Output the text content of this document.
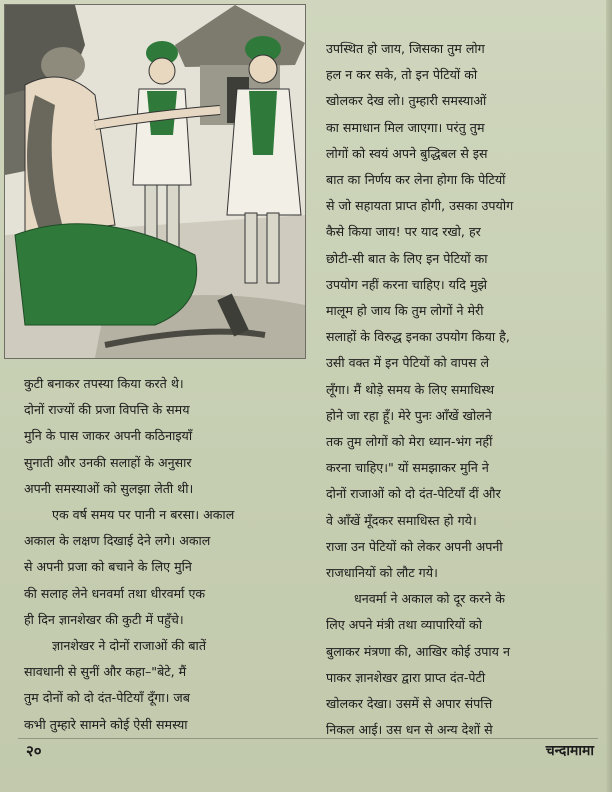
कुटी बनाकर तपस्या किया करते थे।

दोनों राज्यों की प्रजा विपत्ति के समय

मुनि के पास जाकर अपनी कठिनाइयाँ

सुनाती और उनकी सलाहों के अनुसार

अपनी समस्याओं को सुलझा लेती थी।

एक वर्ष समय पर पानी न बरसा। अकाल

अकाल के लक्षण दिखाई देने लगे। अकाल

से अपनी प्रजा को बचाने के लिए मुनि

की सलाह लेने धनवर्मा तथा धीरवर्मा एक

ही दिन ज्ञानशेखर की कुटी में पहुँचे।

ज्ञानशेखर ने दोनों राजाओं की बातें

सावधानी से सुनीं और कहा–"बेटे, मैं

तुम दोनों को दो दंत-पेटियाँ दूँगा। जब

कभी तुम्हारे सामने कोई ऐसी समस्या

उपस्थित हो जाय, जिसका तुम लोग

हल न कर सके, तो इन पेटियों को

खोलकर देख लो। तुम्हारी समस्याओं

का समाधान मिल जाएगा। परंतु तुम

लोगों को स्वयं अपने बुद्धिबल से इस

बात का निर्णय कर लेना होगा कि पेटियों

से जो सहायता प्राप्त होगी, उसका उपयोग

कैसे किया जाय! पर याद रखो, हर

छोटी-सी बात के लिए इन पेटियों का

उपयोग नहीं करना चाहिए। यदि मुझे

मालूम हो जाय कि तुम लोगों ने मेरी

सलाहों के विरुद्ध इनका उपयोग किया है,

उसी वक्त में इन पेटियों को वापस ले

लूँगा। मैं थोड़े समय के लिए समाधिस्थ

होने जा रहा हूँ। मेरे पुनः आँखें खोलने

तक तुम लोगों को मेरा ध्यान-भंग नहीं

करना चाहिए।" यों समझाकर मुनि ने

दोनों राजाओं को दो दंत-पेटियाँ दीं और

वे आँखें मूँदकर समाधिस्त हो गये।

राजा उन पेटियों को लेकर अपनी अपनी

राजधानियों को लौट गये।

धनवर्मा ने अकाल को दूर करने के

लिए अपने मंत्री तथा व्यापारियों को

बुलाकर मंत्रणा की, आखिर कोई उपाय न

पाकर ज्ञानशेखर द्वारा प्राप्त दंत-पेटी

खोलकर देखा। उसमें से अपार संपत्ति

निकल आई। उस धन से अन्य देशों से

२०	चन्दामामा
